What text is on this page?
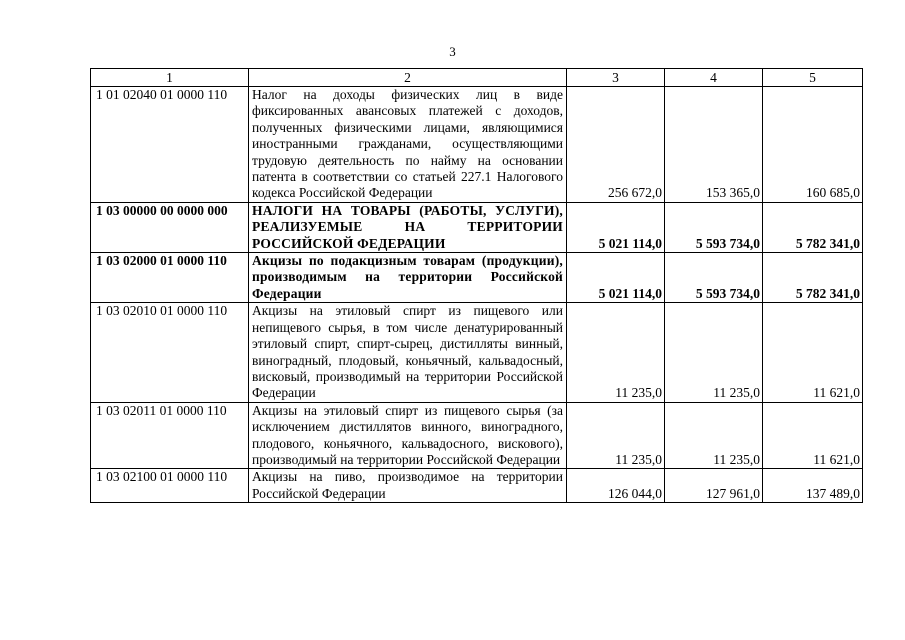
3
1	2	3	4	5
1 01 02040 01 0000 110	Налог на доходы физических лиц в виде фиксированных авансовых платежей с доходов, полученных физическими лицами, являющимися иностранными гражданами, осуществляющими трудовую деятельность по найму на основании патента в соответствии со статьей 227.1 Налогового кодекса Российской Федерации	256 672,0	153 365,0	160 685,0
1 03 00000 00 0000 000	НАЛОГИ НА ТОВАРЫ (РАБОТЫ, УСЛУГИ), РЕАЛИЗУЕМЫЕ НА ТЕРРИТОРИИ РОССИЙСКОЙ ФЕДЕРАЦИИ	5 021 114,0	5 593 734,0	5 782 341,0
1 03 02000 01 0000 110	Акцизы по подакцизным товарам (продукции), производимым на территории Российской Федерации	5 021 114,0	5 593 734,0	5 782 341,0
1 03 02010 01 0000 110	Акцизы на этиловый спирт из пищевого или непищевого сырья, в том числе денатурированный этиловый спирт, спирт-сырец, дистилляты винный, виноградный, плодовый, коньячный, кальвадосный, висковый, производимый на территории Российской Федерации	11 235,0	11 235,0	11 621,0
1 03 02011 01 0000 110	Акцизы на этиловый спирт из пищевого сырья (за исключением дистиллятов винного, виноградного, плодового, коньячного, кальвадосного, вискового), производимый на территории Российской Федерации	11 235,0	11 235,0	11 621,0
1 03 02100 01 0000 110	Акцизы на пиво, производимое на территории Российской Федерации	126 044,0	127 961,0	137 489,0
